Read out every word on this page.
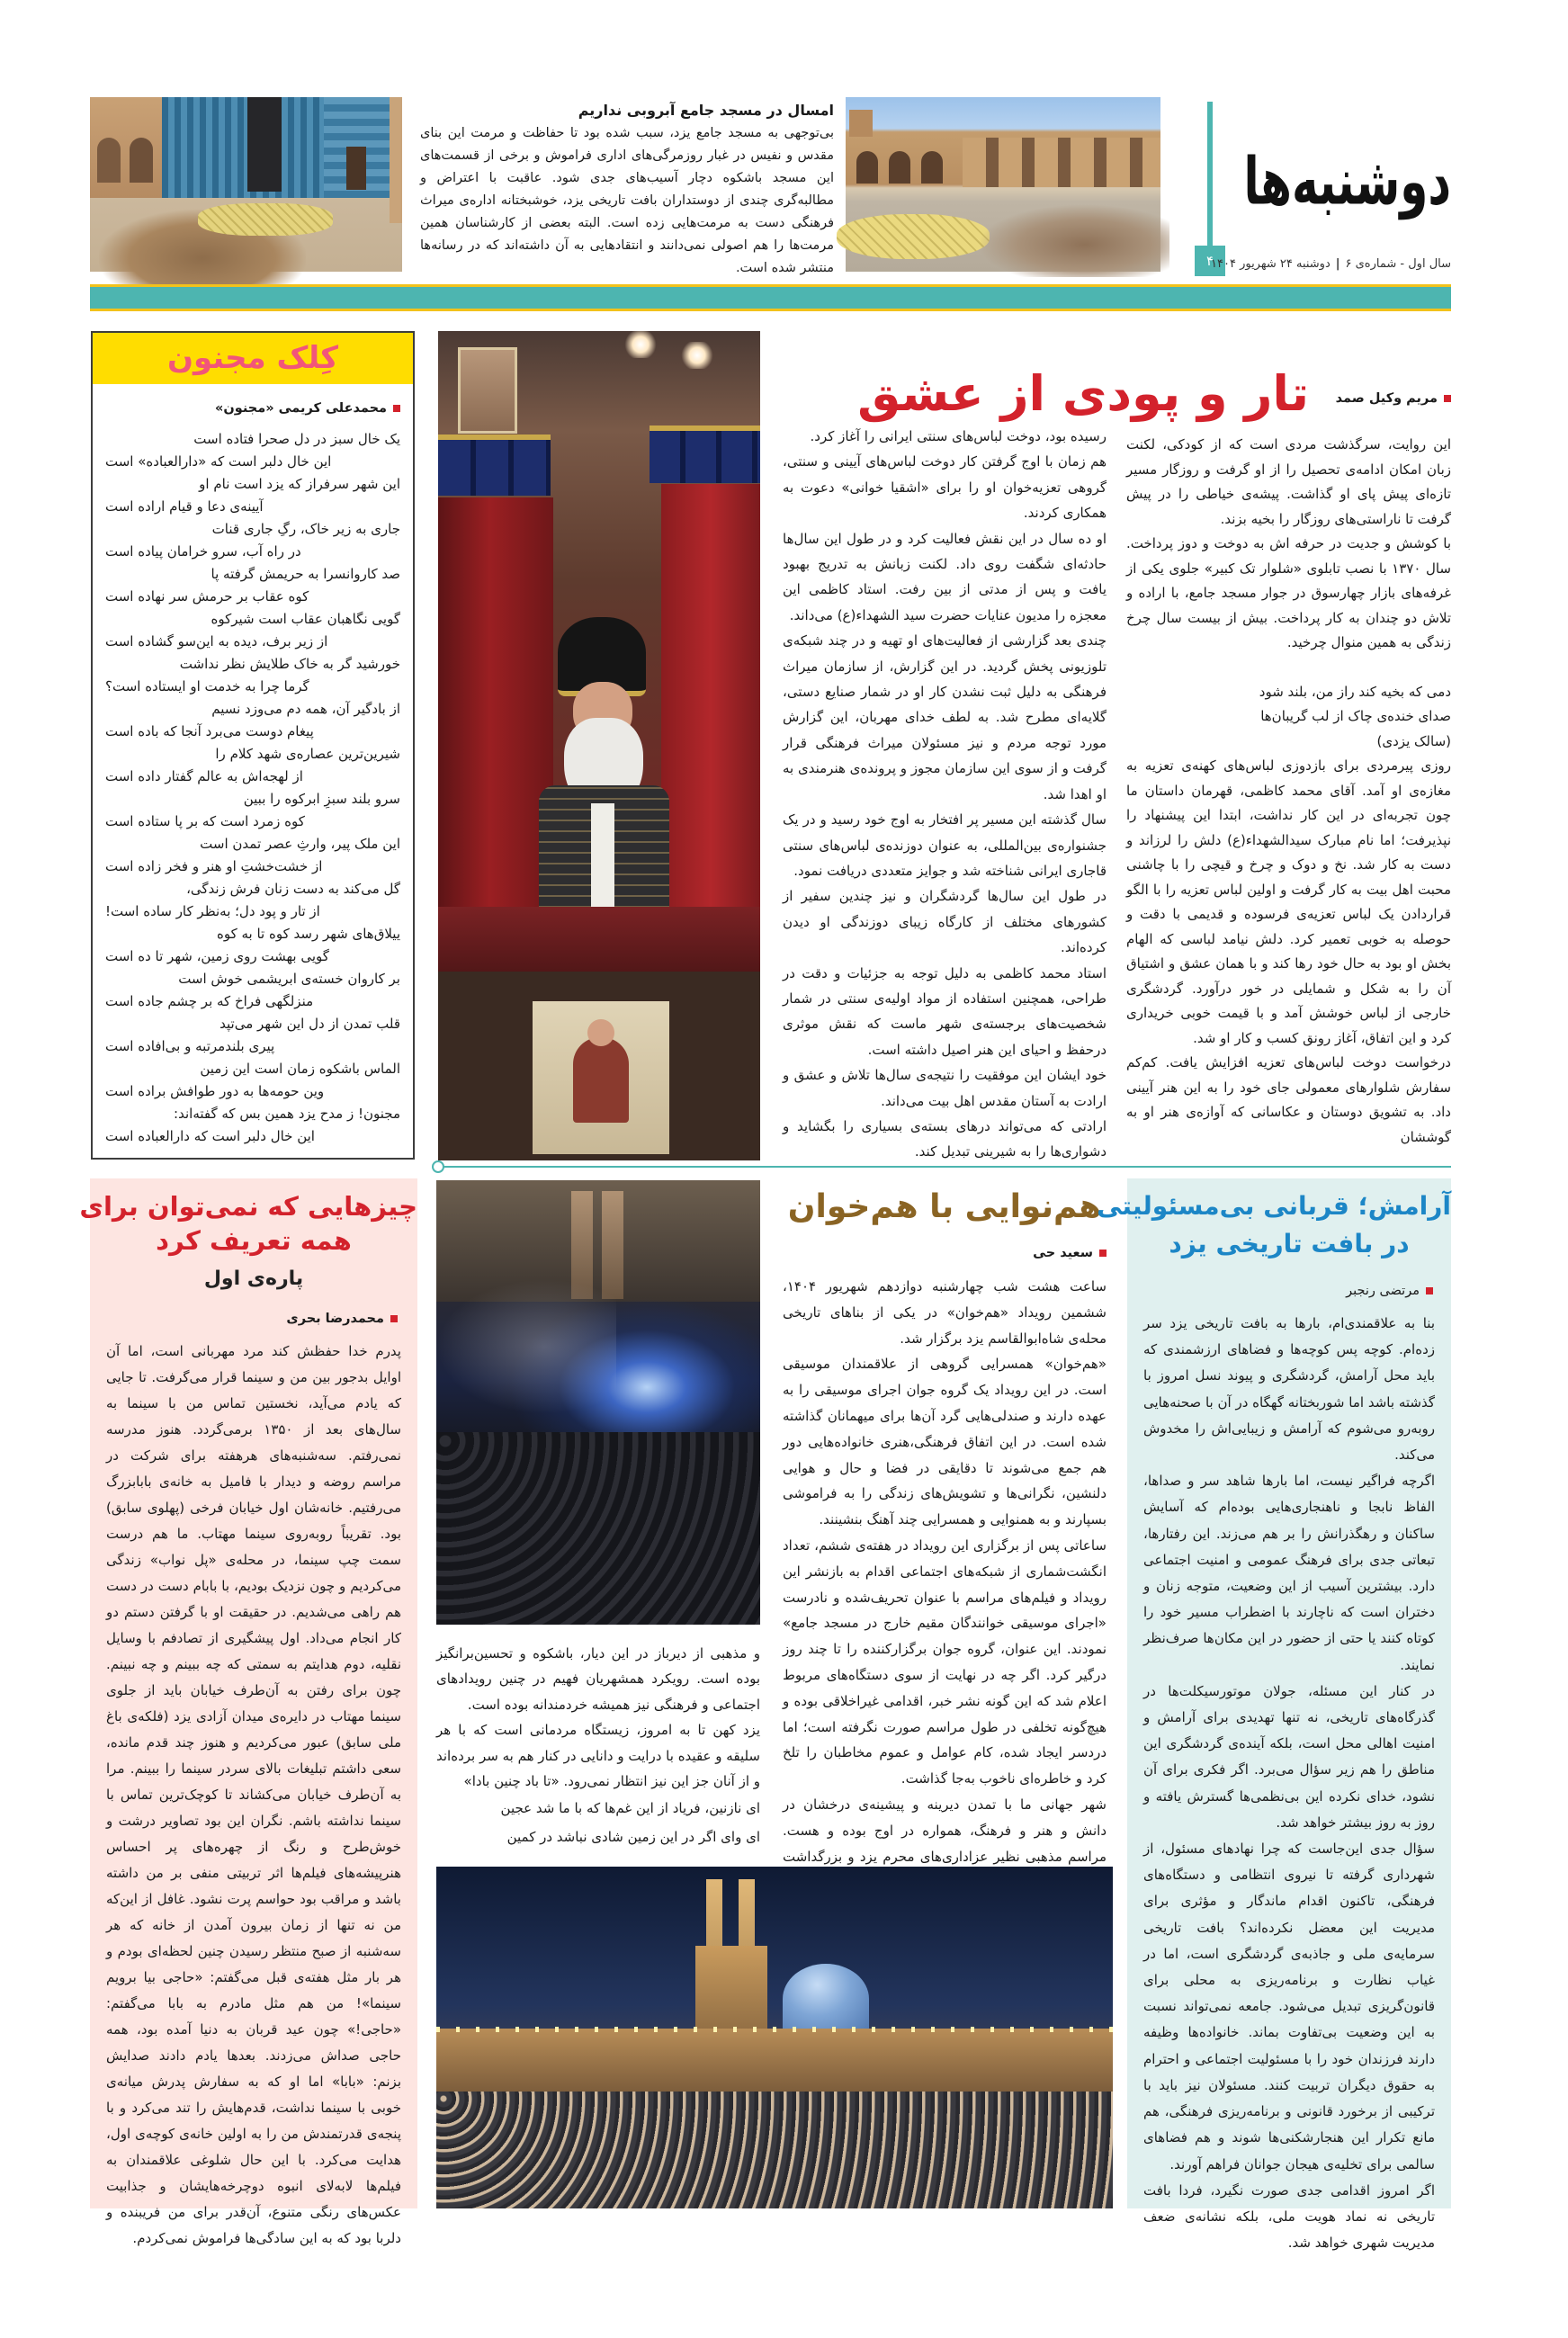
امسال در مسجد جامع آبروبی نداریم
بی‌توجهی به مسجد جامع یزد، سبب شده بود تا حفاظت و مرمت این بنای مقدس و نفیس در غبار روزمرگی‌های اداری فراموش و برخی از قسمت‌های این مسجد باشکوه دچار آسیب‌های جدی شود. عاقبت با اعتراض و مطالبه‌گری چندی از دوستداران بافت تاریخی یزد، خوشبختانه اداره‌ی میراث فرهنگی دست به مرمت‌هایی زده است. البته بعضی از کارشناسان همین مرمت‌ها را هم اصولی نمی‌دانند و انتقادهایی به آن داشته‌اند که در رسانه‌ها منتشر شده است.	۴
دوشنبه‌ها
سال اول - شماره‌ی ۶|دوشنبه ۲۴ شهریور ۱۴۰۴
کِلک مجنون
محمدعلی کریمی «مجنون»
یک خال سبز در دل صحرا فتاده است
این خال دلبر است که «دارالعباده» است
این شهر سرفراز که یزد است نام او
آیینه‌ی دعا و قیام اراده است
جاری به زیر خاک، رگِ جاری قنات
در راه آب، سرو خرامان پیاده است
صد کاروانسرا به حریمش گرفته پا
کوه عقاب بر حرمش سر نهاده است
گویی نگاهبان عقاب است شیرکوه
از زیر برف، دیده به این‌سو گشاده است
خورشید گر به خاک طلایش نظر نداشت
گرما چرا به خدمت او ایستاده است؟
از بادگیر آن، همه دم می‌وزد نسیم
پیغام دوست می‌برد آنجا که باده است
شیرین‌ترین عصاره‌ی شهد کلام را
از لهجه‌اش به عالم گفتار داده است
سرو بلند سبزِ ابرکوه را ببین
کوه زمرد است که بر پا ستاده است
این ملک پیر، وارثِ عصر تمدن است
از خشت‌خشتِ او هنر و فخر زاده است
گل می‌کند به دست زنان فرش زندگی،
از تار و پود دل؛ به‌نظر کار ساده است!
ییلاق‌های شهر رسد کوه تا به کوه
گویی بهشت روی زمین، شهر تا ده است
بر کاروان خسته‌ی ابریشمی خوش است
منزلگهی فراخ که بر چشم جاده است
قلب تمدن از دل این شهر می‌تپد
پیری بلندمرتبه و بی‌افاده است
الماس باشکوه زمان است این زمین
وین حومه‌ها به دور طوافش براده است
مجنون! ز مدح یزد همین بس که گفته‌اند:
این خال دلبر است که دارالعباده است
تار و پودی از عشق مریم وکیل صمد

این روایت، سرگذشت مردی است که از کودکی، لکنت زبان امکان ادامه‌ی تحصیل را از او گرفت و روزگار مسیر تازه‌ای پیش پای او گذاشت. پیشه‌ی خیاطی را در پیش گرفت تا ناراستی‌های روزگار را بخیه بزند.

با کوشش و جدیت در حرفه اش به دوخت و دوز پرداخت. سال ۱۳۷۰ با نصب تابلوی «شلوار تک کبیر» جلوی یکی از غرفه‌های بازار چهارسوق در جوار مسجد جامع، با اراده و تلاش دو چندان به کار پرداخت. بیش از بیست سال چرخ زندگی به همین منوال چرخید.

دمی که بخیه کند راز من، بلند شود
صدای خنده‌ی چاک از لب گریبان‌ها
(سالک یزدی)

روزی پیرمردی برای بازدوزی لباس‌های کهنه‌ی تعزیه به مغازه‌ی او آمد. آقای محمد کاظمی، قهرمان داستان ما چون تجربه‌ای در این کار نداشت، ابتدا این پیشنهاد را نپذیرفت؛ اما نام مبارک سیدالشهداء(ع) دلش را لرزاند و دست به کار شد. نخ و دوک و چرخ و قیچی را با چاشنی محبت اهل بیت به کار گرفت و اولین لباس تعزیه را با الگو قراردادن یک لباس تعزیه‌ی فرسوده و قدیمی با دقت و حوصله به خوبی تعمیر کرد. دلش نیامد لباسی که الهام بخش او بود به حال خود رها کند و با همان عشق و اشتیاق آن را به شکل و شمایلی در خور درآورد. گردشگری خارجی از لباس خوشش آمد و با قیمت خوبی خریداری کرد و این اتفاق، آغاز رونق کسب و کار او شد.

درخواست دوخت لباس‌های تعزیه افزایش یافت. کم‌کم سفارش شلوارهای معمولی جای خود را به این هنر آیینی داد. به تشویق دوستان و عکاسانی که آوازه‌ی هنر او به گوششان

رسیده بود، دوخت لباس‌های سنتی ایرانی را آغاز کرد.

هم زمان با اوج گرفتن کار دوخت لباس‌های آیینی و سنتی، گروهی تعزیه‌خوان او را برای «اشقیا خوانی» دعوت به همکاری کردند.

او ده سال در این نقش فعالیت کرد و در طول این سال‌ها حادثه‌ای شگفت روی داد. لکنت زبانش به تدریج بهبود یافت و پس از مدتی از بین رفت. استاد کاظمی این معجزه را مدیون عنایات حضرت سید الشهداء(ع) می‌داند.

چندی بعد گزارشی از فعالیت‌های او تهیه و در چند شبکه‌ی تلوزیونی پخش گردید. در این گزارش، از سازمان میراث فرهنگی به دلیل ثبت نشدن کار او در شمار صنایع دستی، گلایه‌ای مطرح شد. به لطف خدای مهربان، این گزارش مورد توجه مردم و نیز مسئولان میراث فرهنگی قرار گرفت و از سوی این سازمان مجوز و پرونده‌ی هنرمندی به او اهدا شد.

سال گذشته این مسیر پر افتخار به اوج خود رسید و در یک جشنواره‌ی بین‌المللی، به عنوان دوزنده‌ی لباس‌های سنتی قاجاری ایرانی شناخته شد و جوایز متعددی دریافت نمود.

در طول این سال‌ها گردشگران و نیز چندین سفیر از کشورهای مختلف از کارگاه زیبای دوزندگی او دیدن کرده‌اند.

استاد محمد کاظمی به دلیل توجه به جزئیات و دقت در طراحی، همچنین استفاده از مواد اولیه‌ی سنتی در شمار شخصیت‌های برجسته‌ی شهر ماست که نقش موثری درحفظ و احیای این هنر اصیل داشته است.

خود ایشان این موفقیت را نتیجه‌ی سال‌ها تلاش و عشق و ارادت به آستان مقدس اهل بیت می‌داند.

ارادتی که می‌تواند درهای بسته‌ی بسیاری را بگشاید و دشواری‌ها را به شیرینی تبدیل کند.

چیزهایی که نمی‌توان برای
همه تعریف کرد
پاره‌ی اول
محمدرضا بحری

پدرم خدا حفظش کند مرد مهربانی است، اما آن اوایل بدجور بین من و سینما قرار می‌گرفت. تا جایی که یادم می‌آید، نخستین تماس من با سینما به سال‌های بعد از ۱۳۵۰ برمی‌گردد. هنوز مدرسه نمی‌رفتم. سه‌شنبه‌های هرهفته برای شرکت در مراسم روضه و دیدار با فامیل به خانه‌ی بابابزرگ می‌رفتیم. خانه‌شان اول خیابان فرخی (پهلوی سابق) بود. تقریباً روبه‌روی سینما مهتاب. ما هم درست سمت چپ سینما، در محله‌ی «پل نواب» زندگی می‌کردیم و چون نزدیک بودیم، با بابام دست در دست هم راهی می‌شدیم. در حقیقت او با گرفتن دستم دو کار انجام می‌داد. اول پیشگیری از تصادفم با وسایل نقلیه، دوم هدایتم به سمتی که چه ببینم و چه نبینم. چون برای رفتن به آن‌طرف خیابان باید از جلوی سینما مهتاب در دایره‌ی میدان آزادی یزد (فلکه‌ی باغ ملی سابق) عبور می‌کردیم و هنوز چند قدم مانده، سعی داشتم تبلیغات بالای سردر سینما را ببینم. مرا به آن‌طرف خیابان می‌کشاند تا کوچک‌ترین تماس با سینما نداشته باشم. نگران این بود تصاویر درشت و خوش‌طرح و رنگ از چهره‌های پر احساس هنرپیشه‌های فیلم‌ها اثر تربیتی منفی بر من داشته باشد و مراقب بود حواسم پرت نشود. غافل از این‌که من نه تنها از زمان بیرون آمدن از خانه که هر سه‌شنبه از صبح منتظر رسیدن چنین لحظه‌ای بودم و هر بار مثل هفته‌ی قبل می‌گفتم: «حاجی بیا برویم سینما»! من هم مثل مادرم به بابا می‌گفتم: «حاجی!» چون عید قربان به دنیا آمده بود، همه حاجی صداش می‌زدند. بعدها یادم دادند صدایش بزنم: «بابا» اما او که به سفارش پدرش میانه‌ی خوبی با سینما نداشت، قدم‌هایش را تند می‌کرد و با پنجه‌ی قدرتمندش من را به اولین خانه‌ی کوچه‌ی اول، هدایت می‌کرد. با این حال شلوغی علاقمندان به فیلم‌ها لابه‌لای انبوه دوچرخه‌هایشان و جذابیت عکس‌های رنگی متنوع، آن‌قدر برای من فریبنده و دلربا بود که به این سادگی‌ها فراموش نمی‌کردم.

و مذهبی از دیرباز در این دیار، باشکوه و تحسین‌برانگیز بوده است. رویکرد همشهریان فهیم در چنین رویدادهای اجتماعی و فرهنگی نیز همیشه خردمندانه بوده است.

یزد کهن تا به امروز، زیستگاه مردمانی است که با هر سلیقه و عقیده با درایت و دانایی در کنار هم به سر برده‌اند و از آنان جز این نیز انتظار نمی‌رود. «تا باد چنین بادا»

ای نازنین، فریاد از این غم‌ها که با ما شد عجین
ای وای اگر در این زمین شادی نباشد در کمین
هم‌نوایی با هم‌خوان
سعید حی

ساعت هشت شب چهارشنبه دوازدهم شهریور ۱۴۰۴، ششمین رویداد «هم‌خوان» در یکی از بناهای تاریخی محله‌ی شاه‌ابوالقاسم یزد برگزار شد.

«هم‌خوان» همسرایی گروهی از علاقمندان موسیقی است. در این رویداد یک گروه جوان اجرای موسیقی را به عهده دارند و صندلی‌هایی گرد آن‌ها برای میهمانان گذاشته شده است. در این اتفاق فرهنگی،هنری خانواده‌هایی دور هم جمع می‌شوند تا دقایقی در فضا و حال و هوایی دلنشین، نگرانی‌ها و تشویش‌های زندگی را به فراموشی بسپارند و به همنوایی و همسرایی چند آهنگ بنشینند.

ساعاتی پس از برگزاری این رویداد در هفته‌ی ششم، تعداد انگشت‌شماری از شبکه‌های اجتماعی اقدام به بازنشر این رویداد و فیلم‌های مراسم با عنوان تحریف‌شده و نادرست «اجرای موسیقی خوانندگان مقیم خارج در مسجد جامع» نمودند. این عنوان، گروه جوان برگزارکننده را تا چند روز درگیر کرد. اگر چه در نهایت از سوی دستگاه‌های مربوط اعلام شد که این گونه نشر خبر، اقدامی غیراخلاقی بوده و هیچ‌گونه تخلفی در طول مراسم صورت نگرفته است؛ اما دردسر ایجاد شده، کام عوامل و عموم مخاطبان را تلخ کرد و خاطره‌ای ناخوب به‌جا گذاشت.

شهر جهانی ما با تمدن دیرینه و پیشینه‌ی درخشان در دانش و هنر و فرهنگ، همواره در اوج بوده و هست. مراسم مذهبی نظیر عزاداری‌های محرم یزد و بزرگداشت

آرامش؛ قربانی بی‌مسئولیتی
در بافت تاریخی یزد
مرتضی رنجبر

بنا به علاقمندی‌ام، بارها به بافت تاریخی یزد سر زده‌ام. کوچه پس کوچه‌ها و فضاهای ارزشمندی که باید محل آرامش، گردشگری و پیوند نسل امروز با گذشته باشد اما شوربختانه گهگاه در آن با صحنه‌هایی روبه‌رو می‌شوم که آرامش و زیبایی‌اش را مخدوش می‌کند.

اگرچه فراگیر نیست، اما بارها شاهد سر و صداها، الفاظ نابجا و ناهنجاری‌هایی بوده‌ام که آسایش ساکنان و رهگذرانش را بر هم می‌زند. این رفتارها، تبعاتی جدی برای فرهنگ عمومی و امنیت اجتماعی دارد. بیشترین آسیب از این وضعیت، متوجه زنان و دختران است که ناچارند با اضطراب مسیر خود را کوتاه کنند یا حتی از حضور در این مکان‌ها صرف‌نظر نمایند.

در کنار این مسئله، جولان موتورسیکلت‌ها در گذرگاه‌های تاریخی، نه تنها تهدیدی برای آرامش و امنیت اهالی محل است، بلکه آینده‌ی گردشگری این مناطق را هم زیر سؤال می‌برد. اگر فکری برای آن نشود، خدای نکرده این بی‌نظمی‌ها گسترش یافته و روز به روز بیشتر خواهد شد.

سؤال جدی این‌جاست که چرا نهادهای مسئول، از شهرداری گرفته تا نیروی انتظامی و دستگاه‌های فرهنگی، تاکنون اقدام ماندگار و مؤثری برای مدیریت این معضل نکرده‌اند؟ بافت تاریخی سرمایه‌ی ملی و جاذبه‌ی گردشگری است، اما در غیاب نظارت و برنامه‌ریزی به محلی برای قانون‌گریزی تبدیل می‌شود. جامعه نمی‌تواند نسبت به این وضعیت بی‌تفاوت بماند. خانواده‌ها وظیفه دارند فرزندان خود را با مسئولیت اجتماعی و احترام به حقوق دیگران تربیت کنند. مسئولان نیز باید با ترکیبی از برخورد قانونی و برنامه‌ریزی فرهنگی، هم مانع تکرار این هنجارشکنی‌ها شوند و هم فضاهای سالمی برای تخلیه‌ی هیجان جوانان فراهم آورند.

اگر امروز اقدامی جدی صورت نگیرد، فردا بافت تاریخی نه نماد هویت ملی، بلکه نشانه‌ی ضعف مدیریت شهری خواهد شد.
